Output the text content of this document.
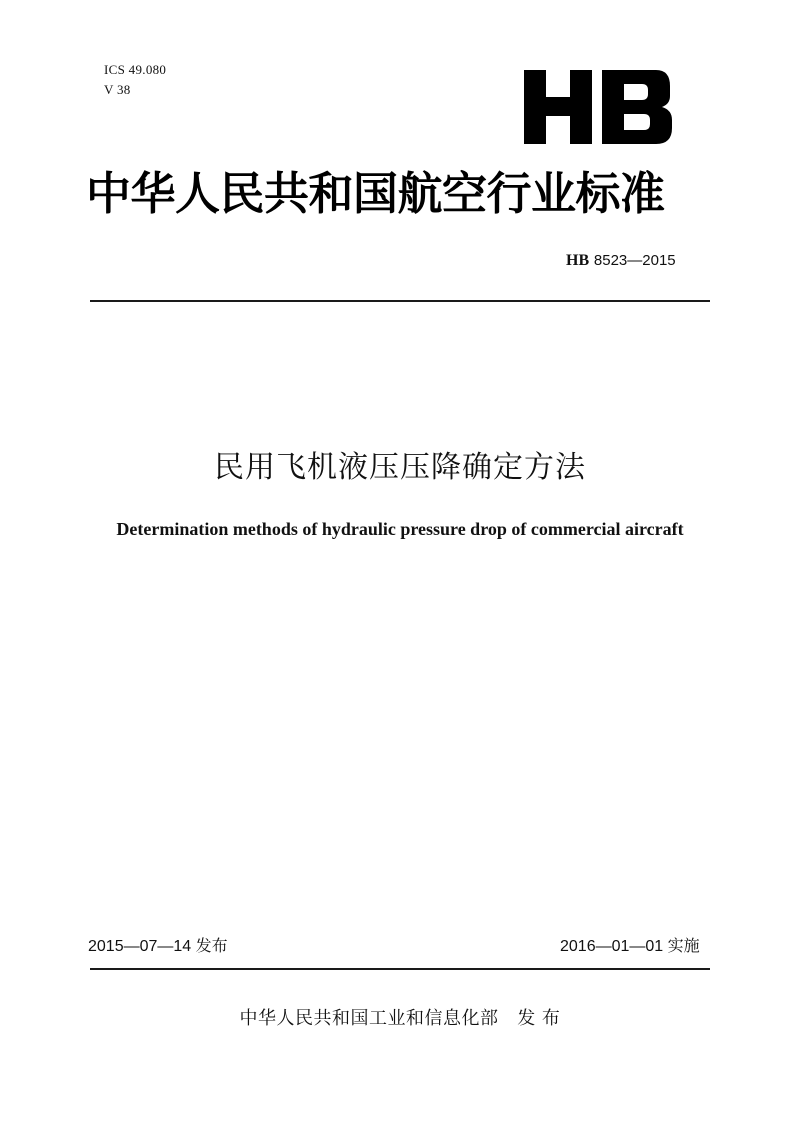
ICS 49.080
V 38
中华人民共和国航空行业标准
HB 8523—2015
民用飞机液压压降确定方法
Determination methods of hydraulic pressure drop of commercial aircraft
2015—07—14 发布	2016—01—01 实施
中华人民共和国工业和信息化部   发 布
